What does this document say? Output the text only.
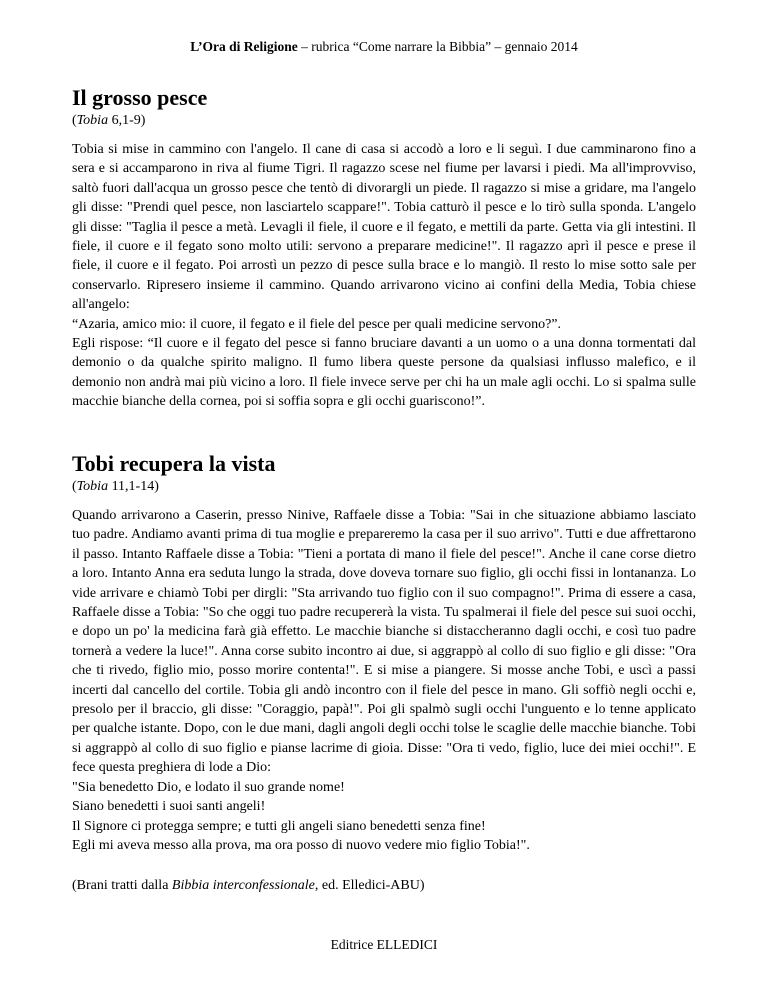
L’Ora di Religione – rubrica “Come narrare la Bibbia” – gennaio 2014
Il grosso pesce
(Tobia 6,1-9)

Tobia si mise in cammino con l'angelo. Il cane di casa si accodò a loro e li seguì. I due camminarono fino a sera e si accamparono in riva al fiume Tigri. Il ragazzo scese nel fiume per lavarsi i piedi. Ma all'improvviso, saltò fuori dall'acqua un grosso pesce che tentò di divorargli un piede. Il ragazzo si mise a gridare, ma l'angelo gli disse: "Prendi quel pesce, non lasciartelo scappare!". Tobia catturò il pesce e lo tirò sulla sponda. L'angelo gli disse: "Taglia il pesce a metà. Levagli il fiele, il cuore e il fegato, e mettili da parte. Getta via gli intestini. Il fiele, il cuore e il fegato sono molto utili: servono a preparare medicine!". Il ragazzo aprì il pesce e prese il fiele, il cuore e il fegato. Poi arrostì un pezzo di pesce sulla brace e lo mangiò. Il resto lo mise sotto sale per conservarlo. Ripresero insieme il cammino. Quando arrivarono vicino ai confini della Media, Tobia chiese all'angelo:

“Azaria, amico mio: il cuore, il fegato e il fiele del pesce per quali medicine servono?”.

Egli rispose: “Il cuore e il fegato del pesce si fanno bruciare davanti a un uomo o a una donna tormentati dal demonio o da qualche spirito maligno. Il fumo libera queste persone da qualsiasi influsso malefico, e il demonio non andrà mai più vicino a loro. Il fiele invece serve per chi ha un male agli occhi. Lo si spalma sulle macchie bianche della cornea, poi si soffia sopra e gli occhi guariscono!”.

Tobi recupera la vista
(Tobia 11,1-14)

Quando arrivarono a Caserin, presso Ninive, Raffaele disse a Tobia: "Sai in che situazione abbiamo lasciato tuo padre. Andiamo avanti prima di tua moglie e prepareremo la casa per il suo arrivo". Tutti e due affrettarono il passo. Intanto Raffaele disse a Tobia: "Tieni a portata di mano il fiele del pesce!". Anche il cane corse dietro a loro. Intanto Anna era seduta lungo la strada, dove doveva tornare suo figlio, gli occhi fissi in lontananza. Lo vide arrivare e chiamò Tobi per dirgli: "Sta arrivando tuo figlio con il suo compagno!". Prima di essere a casa, Raffaele disse a Tobia: "So che oggi tuo padre recupererà la vista. Tu spalmerai il fiele del pesce sui suoi occhi, e dopo un po' la medicina farà già effetto. Le macchie bianche si distaccheranno dagli occhi, e così tuo padre tornerà a vedere la luce!". Anna corse subito incontro ai due, si aggrappò al collo di suo figlio e gli disse: "Ora che ti rivedo, figlio mio, posso morire contenta!". E si mise a piangere. Si mosse anche Tobi, e uscì a passi incerti dal cancello del cortile. Tobia gli andò incontro con il fiele del pesce in mano. Gli soffiò negli occhi e, presolo per il braccio, gli disse: "Coraggio, papà!". Poi gli spalmò sugli occhi l'unguento e lo tenne applicato per qualche istante. Dopo, con le due mani, dagli angoli degli occhi tolse le scaglie delle macchie bianche. Tobi si aggrappò al collo di suo figlio e pianse lacrime di gioia. Disse: "Ora ti vedo, figlio, luce dei miei occhi!". E fece questa preghiera di lode a Dio:

"Sia benedetto Dio, e lodato il suo grande nome!

Siano benedetti i suoi santi angeli!

Il Signore ci protegga sempre; e tutti gli angeli siano benedetti senza fine!

Egli mi aveva messo alla prova, ma ora posso di nuovo vedere mio figlio Tobia!".

(Brani tratti dalla Bibbia interconfessionale, ed. Elledici-ABU)
Editrice ELLEDICI
